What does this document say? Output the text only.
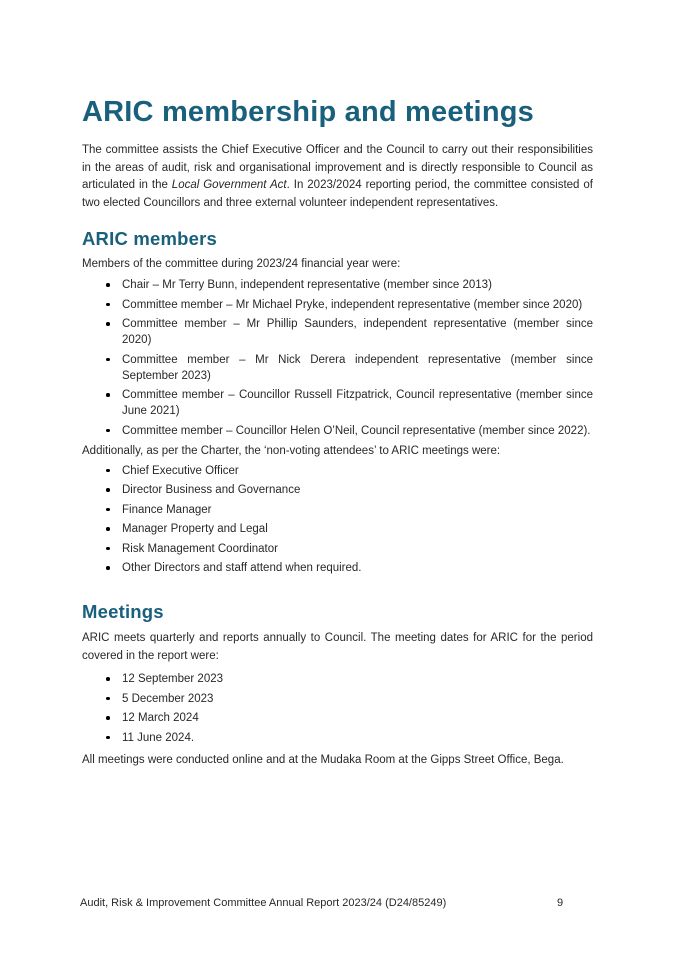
ARIC membership and meetings

The committee assists the Chief Executive Officer and the Council to carry out their responsibilities in the areas of audit, risk and organisational improvement and is directly responsible to Council as articulated in the Local Government Act. In 2023/2024 reporting period, the committee consisted of two elected Councillors and three external volunteer independent representatives.

ARIC members

Members of the committee during 2023/24 financial year were:

Chair – Mr Terry Bunn, independent representative (member since 2013)
Committee member – Mr Michael Pryke, independent representative (member since 2020)
Committee member – Mr Phillip Saunders, independent representative (member since 2020)
Committee member – Mr Nick Derera independent representative (member since September 2023)
Committee member – Councillor Russell Fitzpatrick, Council representative (member since June 2021)
Committee member – Councillor Helen O’Neil, Council representative (member since 2022).

Additionally, as per the Charter, the ‘non-voting attendees’ to ARIC meetings were:

Chief Executive Officer
Director Business and Governance
Finance Manager
Manager Property and Legal
Risk Management Coordinator
Other Directors and staff attend when required.
Meetings

ARIC meets quarterly and reports annually to Council. The meeting dates for ARIC for the period covered in the report were:

12 September 2023
5 December 2023
12 March 2024
11 June 2024.

All meetings were conducted online and at the Mudaka Room at the Gipps Street Office, Bega.

Audit, Risk & Improvement Committee Annual Report 2023/24 (D24/85249)	9
